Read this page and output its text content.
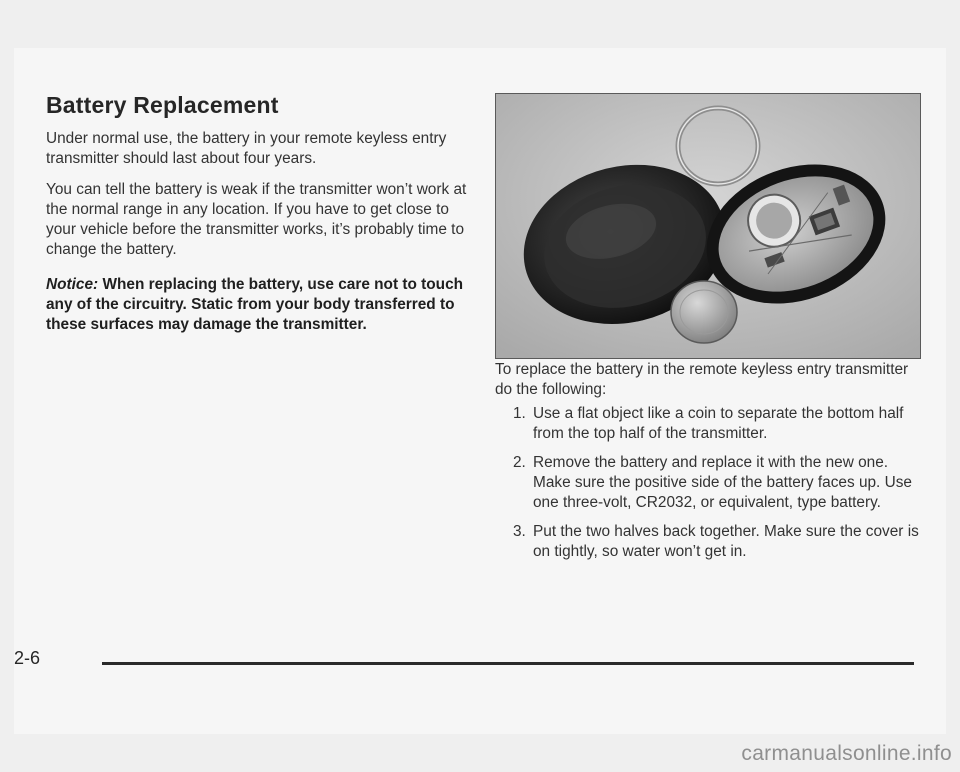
Battery Replacement

Under normal use, the battery in your remote keyless entry transmitter should last about four years.

You can tell the battery is weak if the transmitter won’t work at the normal range in any location. If you have to get close to your vehicle before the transmitter works, it’s probably time to change the battery.

Notice: When replacing the battery, use care not to touch any of the circuitry. Static from your body transferred to these surfaces may damage the transmitter.

To replace the battery in the remote keyless entry transmitter do the following:

1. Use a flat object like a coin to separate the bottom half from the top half of the transmitter.
2. Remove the battery and replace it with the new one. Make sure the positive side of the battery faces up. Use one three-volt, CR2032, or equivalent, type battery.
3. Put the two halves back together. Make sure the cover is on tightly, so water won’t get in.
2-6
carmanualsonline.info
